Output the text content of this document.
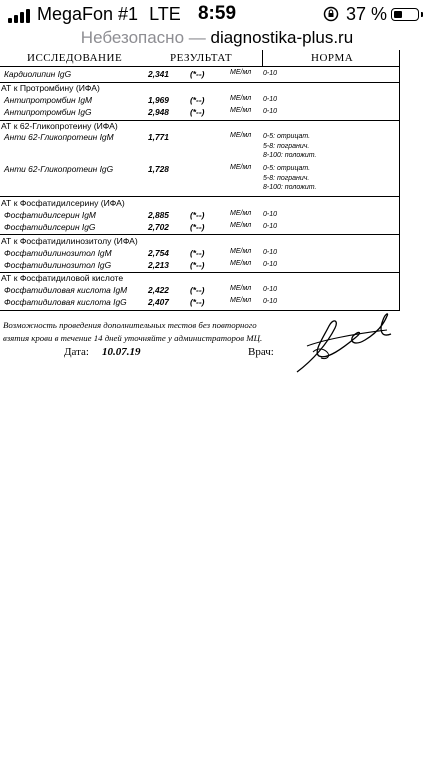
MegaFon #1 LTE 8:59	37 %
Небезопасно — diagnostika-plus.ru
ИССЛЕДОВАНИЕ	РЕЗУЛЬТАТ	НОРМА
Кардиолипин IgG	2,341	(*--)	МЕ/мл 0-10
АТ к Протромбину (ИФА)
Антипротромбин IgM	1,969	(*--)	МЕ/мл 0-10
Антипротромбин IgG	2,948	(*--)	МЕ/мл 0-10
АТ к 62-Гликопротеину (ИФА)
Анти 62-Гликопротеин IgM	1,771	МЕ/мл 0-5: отрицат.
5-8: погранич.
8-100: положит.
Анти 62-Гликопротеин IgG	1,728	МЕ/мл 0-5: отрицат.
5-8: погранич.
8-100: положит.
АТ к Фосфатидилсерину (ИФА)
Фосфатидилсерин IgM	2,885	(*--)	МЕ/мл 0-10
Фосфатидилсерин IgG	2,702	(*--)	МЕ/мл 0-10
АТ к Фосфатидилинозитолу (ИФА)
Фосфатидилинозитол IgM	2,754	(*--)	МЕ/мл 0-10
Фосфатидилинозитол IgG	2,213	(*--)	МЕ/мл 0-10
АТ к Фосфатидиловой кислоте
Фосфатидиловая кислота IgM 2,422	(*--)	МЕ/мл 0-10
Фосфатидиловая кислота IgG	2,407	(*--)	МЕ/мл 0-10
Возможность проведения дополнительных тестов без повторного
взятия крови в течение 14 дней уточняйте у администраторов МЦ.
Дата: 10.07.19	Врач:
